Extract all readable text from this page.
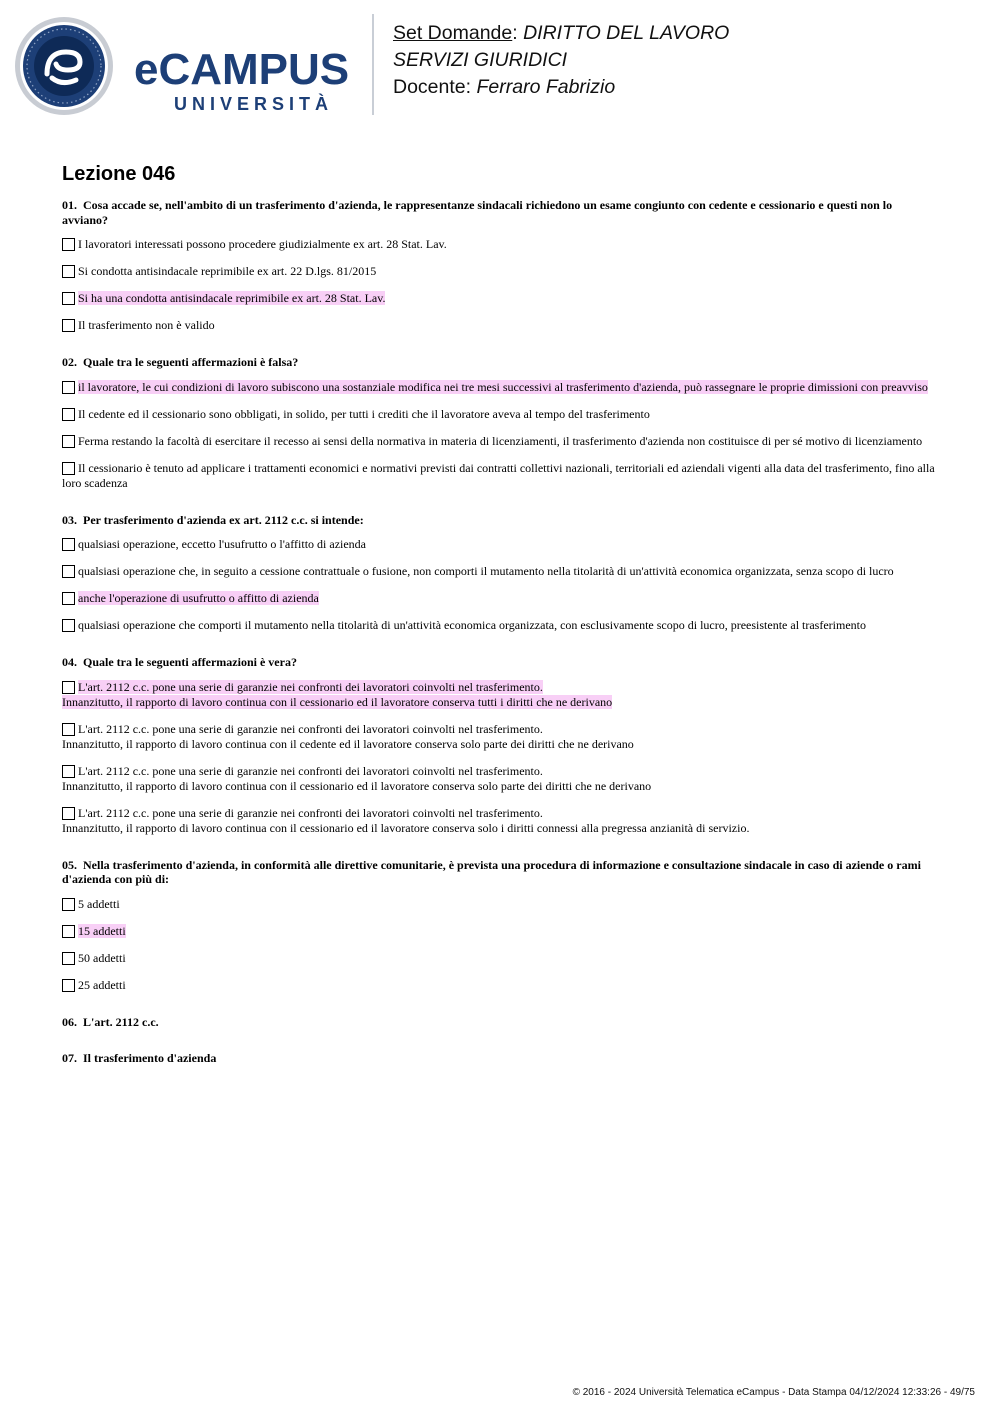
eCAMPUS
UNIVERSITÀ
Set Domande: DIRITTO DEL LAVORO
SERVIZI GIURIDICI
Docente: Ferraro Fabrizio
Lezione 046
01. Cosa accade se, nell'ambito di un trasferimento d'azienda, le rappresentanze sindacali richiedono un esame congiunto con cedente e cessionario e questi non lo avviano?
I lavoratori interessati possono procedere giudizialmente ex art. 28 Stat. Lav.
Si condotta antisindacale reprimibile ex art. 22 D.lgs. 81/2015
Si ha una condotta antisindacale reprimibile ex art. 28 Stat. Lav.
Il trasferimento non è valido
02. Quale tra le seguenti affermazioni è falsa?
il lavoratore, le cui condizioni di lavoro subiscono una sostanziale modifica nei tre mesi successivi al trasferimento d'azienda, può rassegnare le proprie dimissioni con preavviso
Il cedente ed il cessionario sono obbligati, in solido, per tutti i crediti che il lavoratore aveva al tempo del trasferimento
Ferma restando la facoltà di esercitare il recesso ai sensi della normativa in materia di licenziamenti, il trasferimento d'azienda non costituisce di per sé motivo di licenziamento
Il cessionario è tenuto ad applicare i trattamenti economici e normativi previsti dai contratti collettivi nazionali, territoriali ed aziendali vigenti alla data del trasferimento, fino alla loro scadenza
03. Per trasferimento d'azienda ex art. 2112 c.c. si intende:
qualsiasi operazione, eccetto l'usufrutto o l'affitto di azienda
qualsiasi operazione che, in seguito a cessione contrattuale o fusione, non comporti il mutamento nella titolarità di un'attività economica organizzata, senza scopo di lucro
anche l'operazione di usufrutto o affitto di azienda
qualsiasi operazione che comporti il mutamento nella titolarità di un'attività economica organizzata, con esclusivamente scopo di lucro, preesistente al trasferimento
04. Quale tra le seguenti affermazioni è vera?
L'art. 2112 c.c. pone una serie di garanzie nei confronti dei lavoratori coinvolti nel trasferimento.
Innanzitutto, il rapporto di lavoro continua con il cessionario ed il lavoratore conserva tutti i diritti che ne derivano
L'art. 2112 c.c. pone una serie di garanzie nei confronti dei lavoratori coinvolti nel trasferimento.
Innanzitutto, il rapporto di lavoro continua con il cedente ed il lavoratore conserva solo parte dei diritti che ne derivano
L'art. 2112 c.c. pone una serie di garanzie nei confronti dei lavoratori coinvolti nel trasferimento.
Innanzitutto, il rapporto di lavoro continua con il cessionario ed il lavoratore conserva solo parte dei diritti che ne derivano
L'art. 2112 c.c. pone una serie di garanzie nei confronti dei lavoratori coinvolti nel trasferimento.
Innanzitutto, il rapporto di lavoro continua con il cessionario ed il lavoratore conserva solo i diritti connessi alla pregressa anzianità di servizio.
05. Nella trasferimento d'azienda, in conformità alle direttive comunitarie, è prevista una procedura di informazione e consultazione sindacale in caso di aziende o rami d'azienda con più di:
5 addetti
15 addetti
50 addetti
25 addetti
06. L'art. 2112 c.c.
07. Il trasferimento d'azienda
© 2016 - 2024 Università Telematica eCampus - Data Stampa 04/12/2024 12:33:26 - 49/75
